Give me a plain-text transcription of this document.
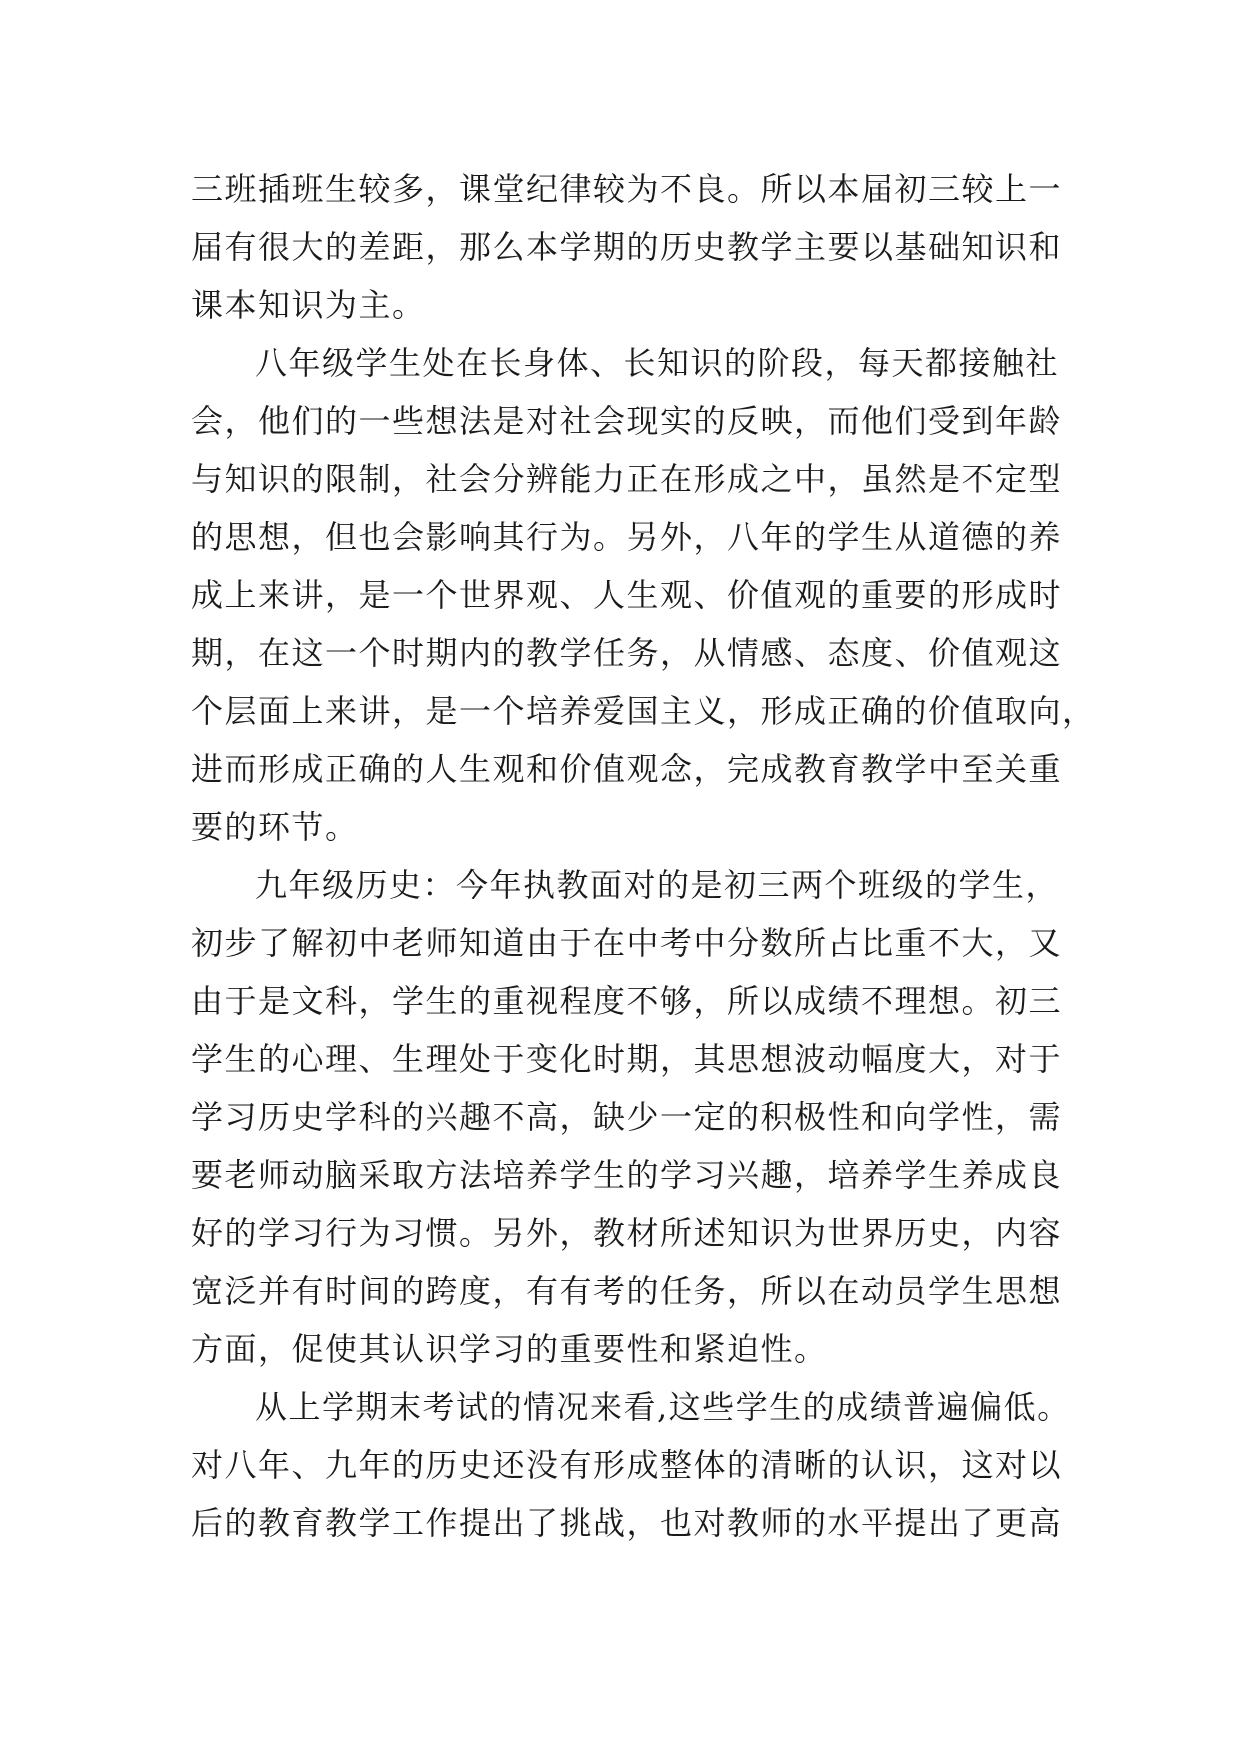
三班插班生较多，课堂纪律较为不良。所以本届初三较上一
届有很大的差距，那么本学期的历史教学主要以基础知识和
课本知识为主。
八年级学生处在长身体、长知识的阶段，每天都接触社
会，他们的一些想法是对社会现实的反映，而他们受到年龄
与知识的限制，社会分辨能力正在形成之中，虽然是不定型
的思想，但也会影响其行为。另外，八年的学生从道德的养
成上来讲，是一个世界观、人生观、价值观的重要的形成时
期，在这一个时期内的教学任务，从情感、态度、价值观这
个层面上来讲，是一个培养爱国主义，形成正确的价值取向，
进而形成正确的人生观和价值观念，完成教育教学中至关重
要的环节。
九年级历史：今年执教面对的是初三两个班级的学生，
初步了解初中老师知道由于在中考中分数所占比重不大，又
由于是文科，学生的重视程度不够，所以成绩不理想。初三
学生的心理、生理处于变化时期，其思想波动幅度大，对于
学习历史学科的兴趣不高，缺少一定的积极性和向学性，需
要老师动脑采取方法培养学生的学习兴趣，培养学生养成良
好的学习行为习惯。另外，教材所述知识为世界历史，内容
宽泛并有时间的跨度，有有考的任务，所以在动员学生思想
方面，促使其认识学习的重要性和紧迫性。
从上学期末考试的情况来看,这些学生的成绩普遍偏低。
对八年、九年的历史还没有形成整体的清晰的认识，这对以
后的教育教学工作提出了挑战，也对教师的水平提出了更高
